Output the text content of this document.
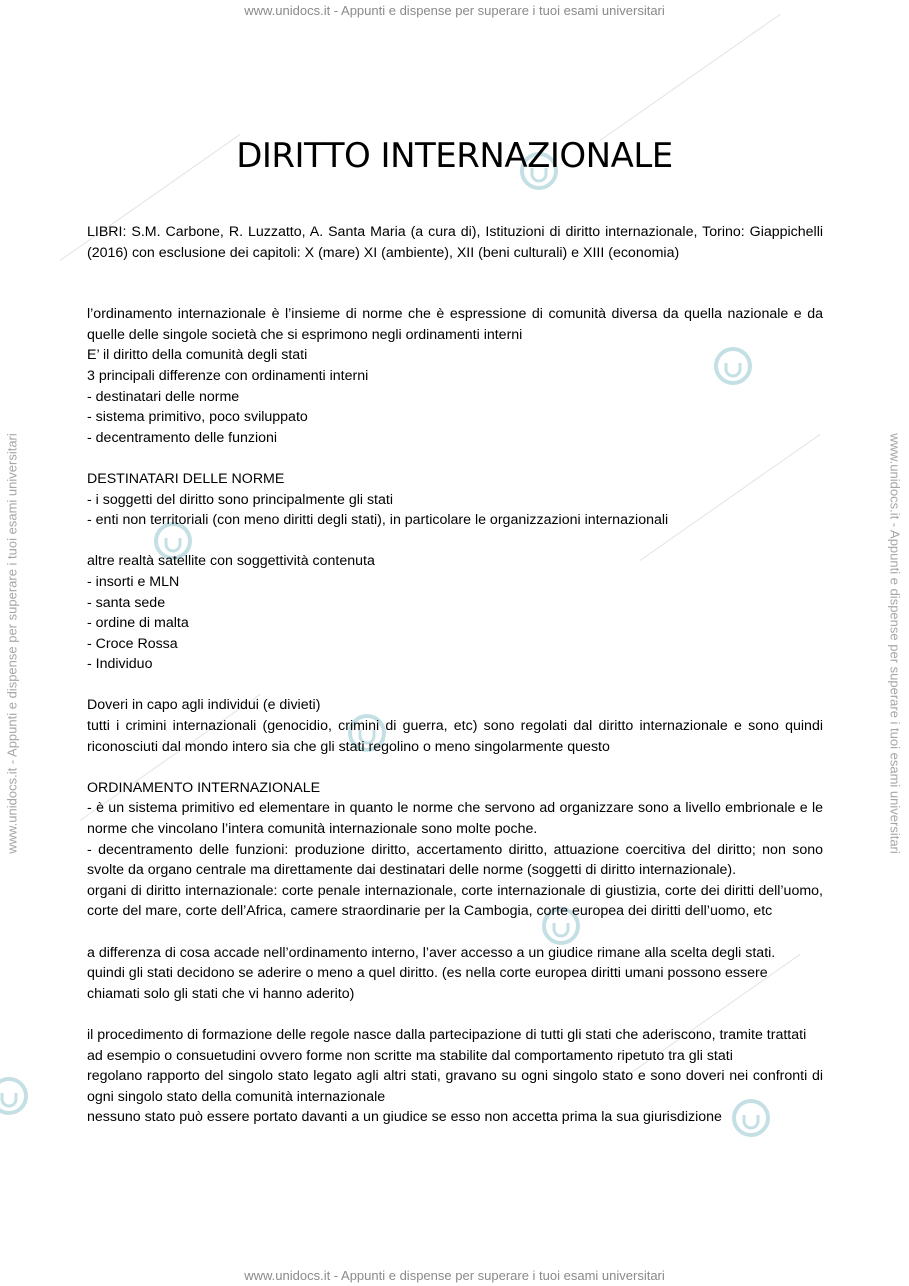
www.unidocs.it - Appunti e dispense per superare i tuoi esami universitari
www.unidocs.it - Appunti e dispense per superare i tuoi esami universitari
www.unidocs.it - Appunti e dispense per superare i tuoi esami universitari	www.unidocs.it - Appunti e dispense per superare i tuoi esami universitari
DIRITTO INTERNAZIONALE

LIBRI: S.M. Carbone, R. Luzzatto, A. Santa Maria (a cura di), Istituzioni di diritto internazionale, Torino: Giappichelli (2016) con esclusione dei capitoli: X (mare) XI (ambiente), XII (beni culturali) e XIII (economia)

l’ordinamento internazionale è l’insieme di norme che è espressione di comunità diversa da quella nazionale e da quelle delle singole società che si esprimono negli ordinamenti interni

E’ il diritto della comunità degli stati

3 principali differenze con ordinamenti interni

- destinatari delle norme

- sistema primitivo, poco sviluppato

- decentramento delle funzioni

DESTINATARI DELLE NORME

- i soggetti del diritto sono principalmente gli stati

- enti non territoriali (con meno diritti degli stati), in particolare le organizzazioni internazionali

altre realtà satellite con soggettività contenuta

- insorti e MLN

- santa sede

- ordine di malta

- Croce Rossa

- Individuo

Doveri in capo agli individui (e divieti)

tutti i crimini internazionali (genocidio, crimini di guerra, etc) sono regolati dal diritto internazionale e sono quindi riconosciuti dal mondo intero sia che gli stati regolino o meno singolarmente questo

ORDINAMENTO INTERNAZIONALE

- è un sistema primitivo ed elementare in quanto le norme che servono ad organizzare sono a livello embrionale e le norme che vincolano l’intera comunità internazionale sono molte poche.

- decentramento delle funzioni: produzione diritto, accertamento diritto, attuazione coercitiva del diritto; non sono svolte da organo centrale ma direttamente dai destinatari delle norme (soggetti di diritto internazionale).

organi di diritto internazionale: corte penale internazionale, corte internazionale di giustizia, corte dei diritti dell’uomo, corte del mare, corte dell’Africa, camere straordinarie per la Cambogia, corte europea dei diritti dell’uomo, etc

a differenza di cosa accade nell’ordinamento interno, l’aver accesso a un giudice rimane alla scelta degli stati.

quindi gli stati decidono se aderire o meno a quel diritto. (es nella corte europea diritti umani possono essere chiamati solo gli stati che vi hanno aderito)

il procedimento di formazione delle regole nasce dalla partecipazione di tutti gli stati che aderiscono, tramite trattati ad esempio o consuetudini ovvero forme non scritte ma stabilite dal comportamento ripetuto tra gli stati

regolano rapporto del singolo stato legato agli altri stati, gravano su ogni singolo stato e sono doveri nei confronti di ogni singolo stato della comunità internazionale

nessuno stato può essere portato davanti a un giudice se esso non accetta prima la sua giurisdizione
